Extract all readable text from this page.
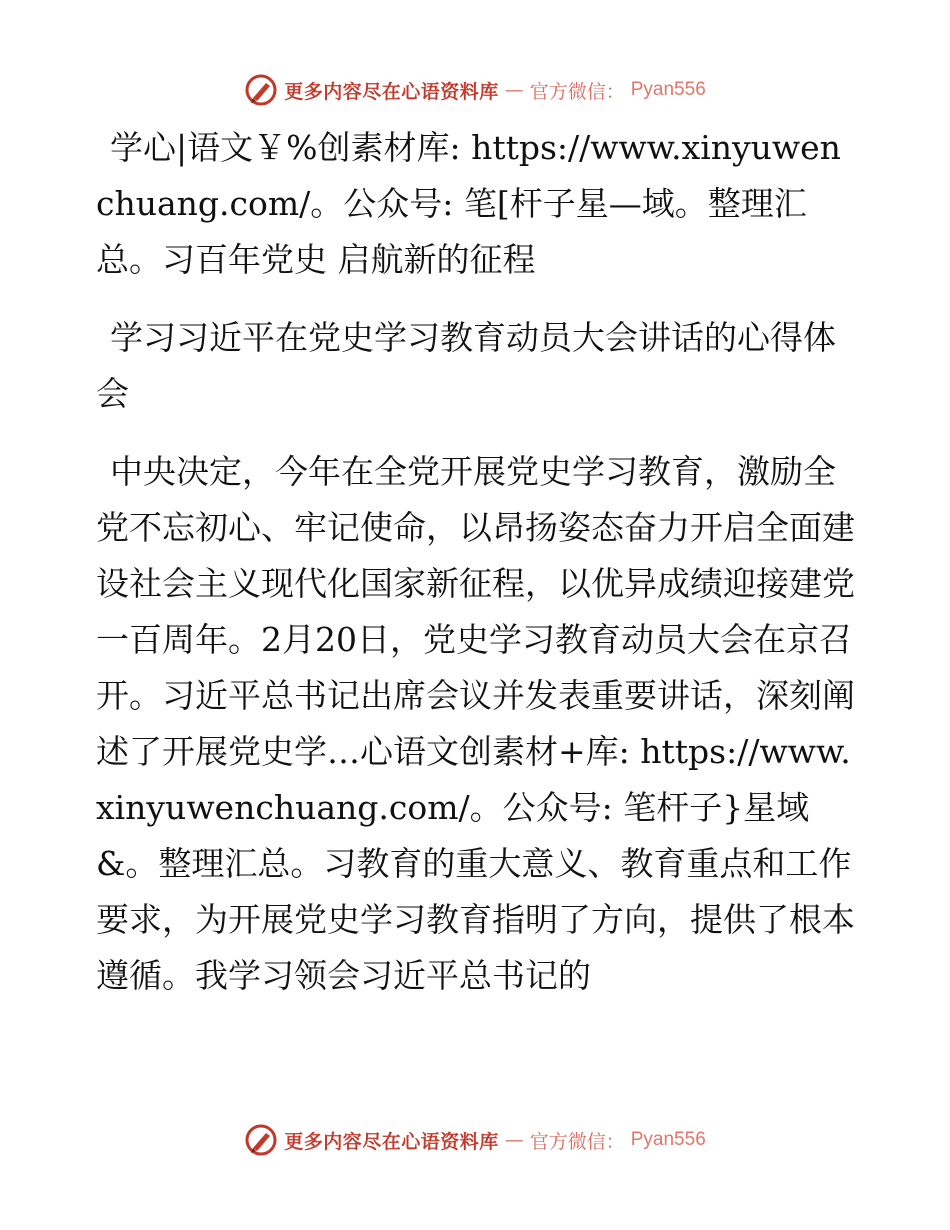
更多内容尽在心语资料库 — 官方微信： Pyan556

学心|语文￥%创素材库: https://www.xinyuwenchuang.com/。公众号: 笔[杆子星—域。整理汇总。习百年党史 启航新的征程

学习习近平在党史学习教育动员大会讲话的心得体会

中央决定，今年在全党开展党史学习教育，激励全党不忘初心、牢记使命，以昂扬姿态奋力开启全面建设社会主义现代化国家新征程，以优异成绩迎接建党一百周年。2月20日，党史学习教育动员大会在京召开。习近平总书记出席会议并发表重要讲话，深刻阐述了开展党史学…心语文创素材+库: https://www.xinyuwenchuang.com/。公众号: 笔杆子}星域&。整理汇总。习教育的重大意义、教育重点和工作要求，为开展党史学习教育指明了方向，提供了根本遵循。我学习领会习近平总书记的

更多内容尽在心语资料库 — 官方微信： Pyan556
